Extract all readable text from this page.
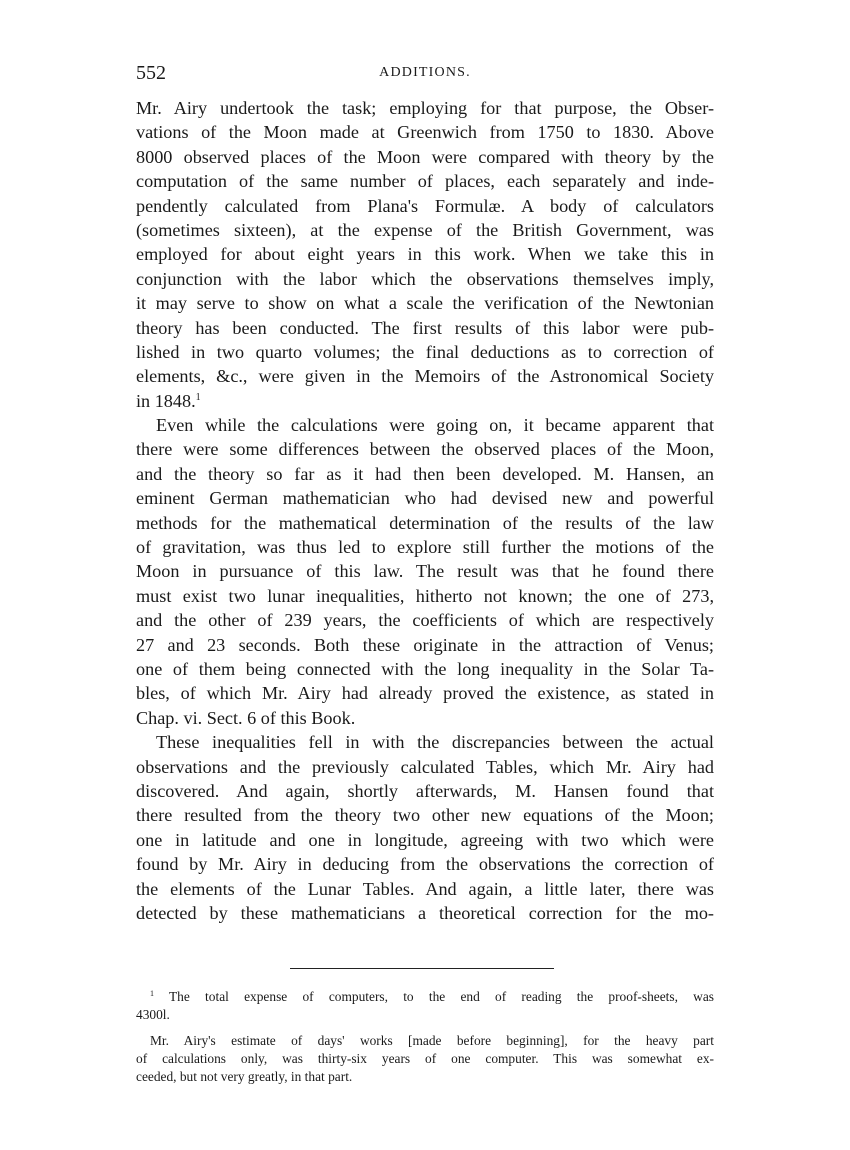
552	ADDITIONS.
Mr. Airy undertook the task; employing for that purpose, the Obser-
vations of the Moon made at Greenwich from 1750 to 1830. Above
8000 observed places of the Moon were compared with theory by the
computation of the same number of places, each separately and inde-
pendently calculated from Plana's Formulæ. A body of calculators
(sometimes sixteen), at the expense of the British Government, was
employed for about eight years in this work. When we take this in
conjunction with the labor which the observations themselves imply,
it may serve to show on what a scale the verification of the Newtonian
theory has been conducted. The first results of this labor were pub-
lished in two quarto volumes; the final deductions as to correction of
elements, &c., were given in the Memoirs of the Astronomical Society
in 1848.$^1$
Even while the calculations were going on, it became apparent that
there were some differences between the observed places of the Moon,
and the theory so far as it had then been developed. M. Hansen, an
eminent German mathematician who had devised new and powerful
methods for the mathematical determination of the results of the law
of gravitation, was thus led to explore still further the motions of the
Moon in pursuance of this law. The result was that he found there
must exist two lunar inequalities, hitherto not known; the one of 273,
and the other of 239 years, the coefficients of which are respectively
27 and 23 seconds. Both these originate in the attraction of Venus;
one of them being connected with the long inequality in the Solar Ta-
bles, of which Mr. Airy had already proved the existence, as stated in
Chap. vi. Sect. 6 of this Book.
These inequalities fell in with the discrepancies between the actual
observations and the previously calculated Tables, which Mr. Airy had
discovered. And again, shortly afterwards, M. Hansen found that
there resulted from the theory two other new equations of the Moon;
one in latitude and one in longitude, agreeing with two which were
found by Mr. Airy in deducing from the observations the correction of
the elements of the Lunar Tables. And again, a little later, there was
detected by these mathematicians a theoretical correction for the mo-
$^1$ The total expense of computers, to the end of reading the proof-sheets, was
4300l.
Mr. Airy's estimate of days' works [made before beginning], for the heavy part
of calculations only, was thirty-six years of one computer. This was somewhat ex-
ceeded, but not very greatly, in that part.
